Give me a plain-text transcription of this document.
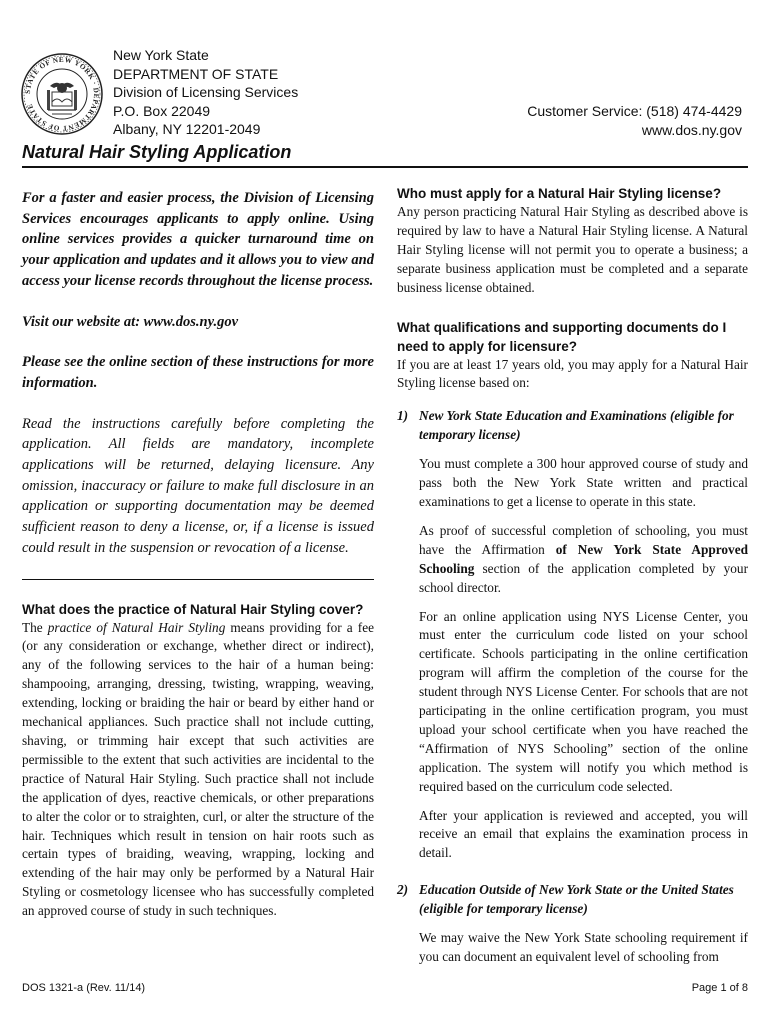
STATE OF NEW YORK · DEPARTMENT OF STATE
New York State
DEPARTMENT OF STATE
Division of Licensing Services
P.O. Box 22049
Albany, NY 12201-2049
Customer Service: (518) 474-4429
www.dos.ny.gov
Natural Hair Styling Application

For a faster and easier process, the Division of Licensing Services encourages applicants to apply online. Using online services provides a quicker turnaround time on your application and updates and it allows you to view and access your license records throughout the license process.

Visit our website at: www.dos.ny.gov

Please see the online section of these instructions for more information.

Read the instructions carefully before completing the application. All fields are mandatory, incomplete applications will be returned, delaying licensure. Any omission, inaccuracy or failure to make full disclosure in an application or supporting documentation may be deemed sufficient reason to deny a license, or, if a license is issued could result in the suspension or revocation of a license.

What does the practice of Natural Hair Styling cover?

The practice of Natural Hair Styling means providing for a fee (or any consideration or exchange, whether direct or indirect), any of the following services to the hair of a human being: shampooing, arranging, dressing, twisting, wrapping, weaving, extending, locking or braiding the hair or beard by either hand or mechanical appliances. Such practice shall not include cutting, shaving, or trimming hair except that such activities are permissible to the extent that such activities are incidental to the practice of Natural Hair Styling. Such practice shall not include the application of dyes, reactive chemicals, or other preparations to alter the color or to straighten, curl, or alter the structure of the hair. Techniques which result in tension on hair roots such as certain types of braiding, weaving, wrapping, locking and extending of the hair may only be performed by a Natural Hair Styling or cosmetology licensee who has successfully completed an approved course of study in such techniques.

Who must apply for a Natural Hair Styling license?

Any person practicing Natural Hair Styling as described above is required by law to have a Natural Hair Styling license. A Natural Hair Styling license will not permit you to operate a business; a separate business application must be completed and a separate business license obtained.

What qualifications and supporting documents do I need to apply for licensure?

If you are at least 17 years old, you may apply for a Natural Hair Styling license based on:

1) New York State Education and Examinations (eligible for temporary license)

You must complete a 300 hour approved course of study and pass both the New York State written and practical examinations to get a license to operate in this state.

As proof of successful completion of schooling, you must have the Affirmation of New York State Approved Schooling section of the application completed by your school director.

For an online application using NYS License Center, you must enter the curriculum code listed on your school certificate. Schools participating in the online certification program will affirm the completion of the course for the student through NYS License Center. For schools that are not participating in the online certification program, you must upload your school certificate when you have reached the “Affirmation of NYS Schooling” section of the online application. The system will notify you which method is required based on the curriculum code selected.

After your application is reviewed and accepted, you will receive an email that explains the examination process in detail.

2) Education Outside of New York State or the United States (eligible for temporary license)

We may waive the New York State schooling requirement if you can document an equivalent level of schooling from

DOS 1321-a (Rev. 11/14)	Page 1 of 8
